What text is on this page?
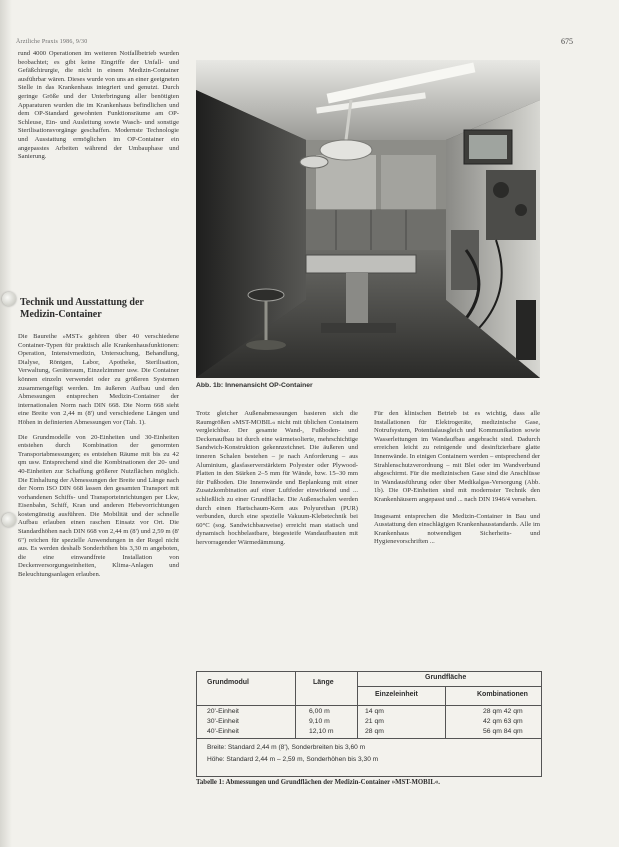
Ärztliche Praxis 1986, 9/30	675

rund 4000 Operationen im weiteren Notfallbetrieb wurden beobachtet; es gibt keine Eingriffe der Unfall- und Gefäßchirurgie, die nicht in einem Medizin-Container ausführbar wären. Dieses wurde von uns an einer geeigneten Stelle in das Krankenhaus integriert und genutzt. Durch geringe Größe und der Unterbringung aller benötigten Apparaturen wurden die im Krankenhaus befindlichen und dem OP-Standard gewohnten Funktionsräume am OP-Schleuse, Ein- und Ausleitung sowie Wasch- und sonstige Sterilisationsvorgänge geschaffen. Modernste Technologie und Ausstattung ermöglichen im OP-Container ein angepasstes Arbeiten während der Umbauphase und Sanierung.

Technik und Ausstattung der Medizin-Container

Die Baureihe »MST« gehören über 40 verschiedene Container-Typen für praktisch alle Krankenhausfunktionen: Operation, Intensivmedizin, Untersuchung, Behandlung, Dialyse, Röntgen, Labor, Apotheke, Sterilisation, Verwaltung, Geräteraum, Einzelzimmer usw. Die Container können einzeln verwendet oder zu größeren Systemen zusammengefügt werden. Im äußeren Aufbau und den Abmessungen entsprechen Medizin-Container der internationalen Norm nach DIN 668. Die Norm 668 sieht eine Breite von 2,44 m (8') und verschiedene Längen und Höhen in definierten Abmessungen vor (Tab. 1).

Die Grundmodelle von 20-Einheiten und 30-Einheiten entstehen durch Kombination der genormten Transportabmessungen; es entstehen Räume mit bis zu 42 qm usw. Entsprechend sind die Kombinationen der 20- und 40-Einheiten zur Schaffung größerer Nutzflächen möglich. Die Einhaltung der Abmessungen der Breite und Länge nach der Norm ISO DIN 668 lassen den gesamten Transport mit vorhandenen Schiffs- und Transporteinrichtungen per Lkw, Eisenbahn, Schiff, Kran und anderen Hebevorrichtungen kostengünstig ausführen. Die Mobilität und der schnelle Aufbau erlauben einen raschen Einsatz vor Ort. Die Standardhöhen nach DIN 668 von 2,44 m (8') und 2,59 m (8' 6") reichen für spezielle Anwendungen in der Regel nicht aus. Es werden deshalb Sonderhöhen bis 3,30 m angeboten, die eine einwandfreie Installation von Deckenversorgungseinheiten, Klima-Anlagen und Beleuchtungsanlagen erlauben.

Abb. 1b: Innenansicht OP-Container

Trotz gleicher Außenabmessungen basieren sich die Raumgrößen »MST-MOBIL« nicht mit üblichen Containern vergleichbar. Der gesamte Wand-, Fußboden- und Deckenaufbau ist durch eine wärmeisolierte, mehrschichtige Sandwich-Konstruktion gekennzeichnet. Die äußeren und inneren Schalen bestehen – je nach Anforderung – aus Aluminium, glasfaserverstärktem Polyester oder Plywood-Platten in den Stärken 2–5 mm für Wände, bzw. 15–30 mm für Fußboden. Die Innenwände und Beplankung mit einer Zusatzkombination auf einer Luftfeder einwirkend und ... schließlich zu einer Grundfläche. Die Außenschalen werden durch einen Hartschaum-Kern aus Polyurethan (PUR) verbunden, durch eine spezielle Vakuum-Klebetechnik bei 60°C (sog. Sandwichbauweise) erreicht man statisch und dynamisch hochbelastbare, biegesteife Wandaufbauten mit hervorragender Wärmedämmung.

Für den klinischen Betrieb ist es wichtig, dass alle Installationen für Elektrogeräte, medizinische Gase, Notrufsystem, Potentialausgleich und Kommunikation sowie Wasserleitungen im Wandaufbau angebracht sind. Dadurch erreichen leicht zu reinigende und desinfizierbare glatte Innenwände. In einigen Containern werden – entsprechend der Strahlenschutzverordnung – mit Blei oder im Wandverbund abgeschirmt. Für die medizinischen Gase sind die Anschlüsse in Wandausführung oder über Medikalgas-Versorgung (Abb. 1b). Die OP-Einheiten sind mit modernster Technik den Krankenhäusern angepasst und ... nach DIN 1946/4 versehen.

Insgesamt entsprechen die Medizin-Container in Bau und Ausstattung den einschlägigen Krankenhausstandards. Alle im Krankenhaus notwendigen Sicherheits- und Hygienevorschriften ...

Grundmodul	Länge
Grundfläche
Einzeleinheit	Kombinationen
20'-Einheit	6,00 m	14 qm	28 qm 42 qm
30'-Einheit	9,10 m	21 qm	42 qm 63 qm
40'-Einheit	12,10 m	28 qm	56 qm 84 qm
Breite: Standard 2,44 m (8'), Sonderbreiten bis 3,60 m
Höhe: Standard 2,44 m – 2,59 m, Sonderhöhen bis 3,30 m
Tabelle 1: Abmessungen und Grundflächen der Medizin-Container »MST-MOBIL«.
